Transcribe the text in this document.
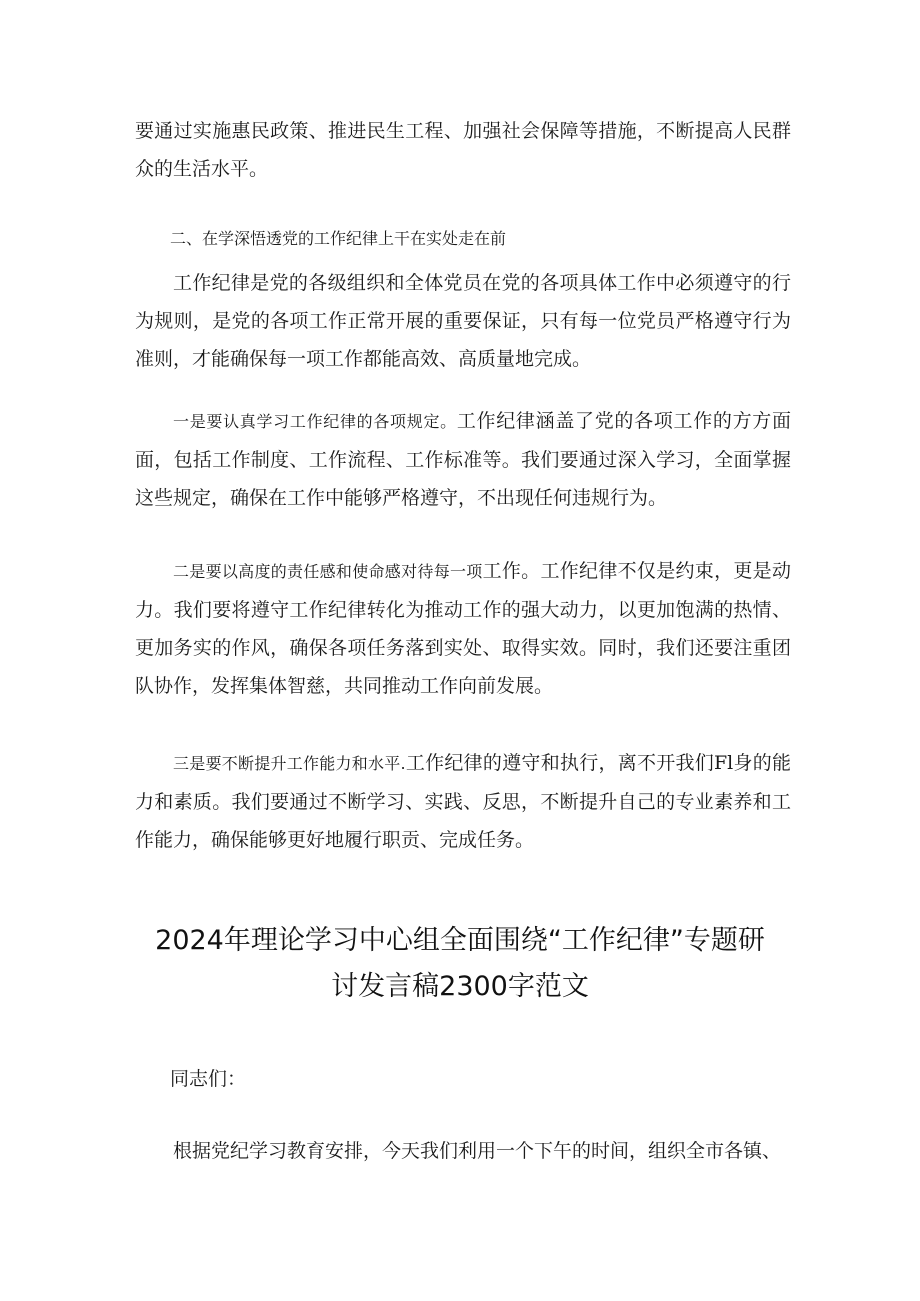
要通过实施惠民政策、推进民生工程、加强社会保障等措施，不断提高人民群众的生活水平。

二、在学深悟透党的工作纪律上干在实处走在前

工作纪律是党的各级组织和全体党员在党的各项具体工作中必须遵守的行为规则，是党的各项工作正常开展的重要保证，只有每一位党员严格遵守行为准则，才能确保每一项工作都能高效、高质量地完成。

一是要认真学习工作纪律的各项规定。工作纪律涵盖了党的各项工作的方方面面，包括工作制度、工作流程、工作标准等。我们要通过深入学习，全面掌握这些规定，确保在工作中能够严格遵守，不出现任何违规行为。

二是要以高度的责任感和使命感对待每一项工作。工作纪律不仅是约束，更是动力。我们要将遵守工作纪律转化为推动工作的强大动力，以更加饱满的热情、更加务实的作风，确保各项任务落到实处、取得实效。同时，我们还要注重团队协作，发挥集体智慈，共同推动工作向前发展。

三是要不断提升工作能力和水平.工作纪律的遵守和执行，离不开我们Fl身的能力和素质。我们要通过不断学习、实践、反思，不断提升自己的专业素养和工作能力，确保能够更好地履行职贡、完成任务。

2024年理论学习中心组全面围绕“工作纪律”专题研
讨发言稿2300字范文

同志们：

根据党纪学习教育安排，今天我们利用一个下午的时间，组织全市各镇、
